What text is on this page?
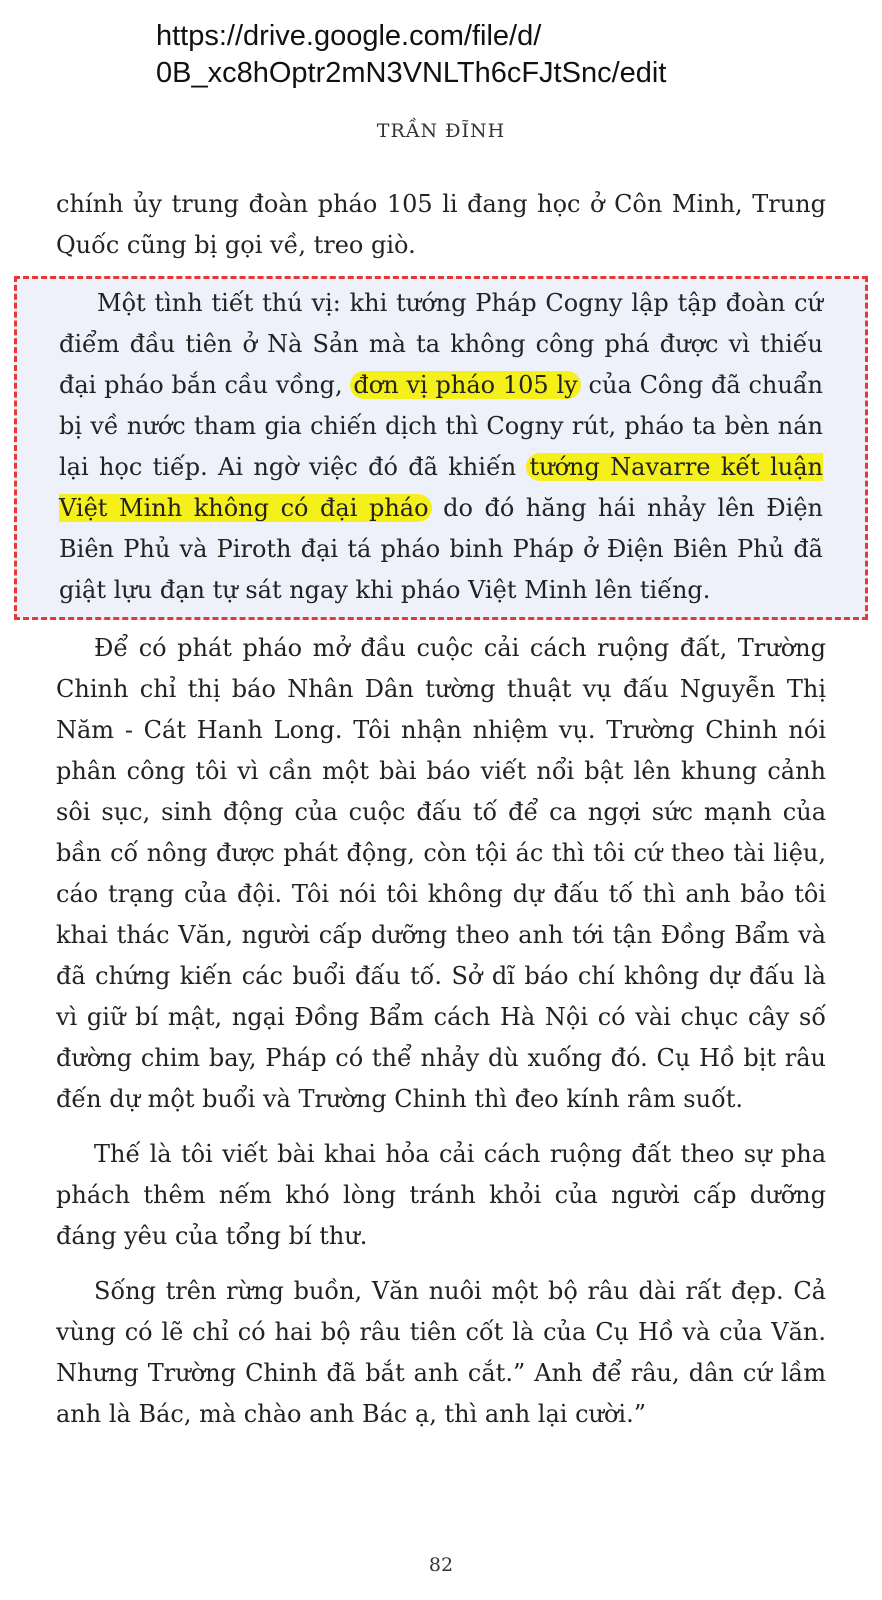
https://drive.google.com/file/d/
0B_xc8hOptr2mN3VNLTh6cFJtSnc/edit
TRẦN ĐĨNH

chính ủy trung đoàn pháo 105 li đang học ở Côn Minh, Trung Quốc cũng bị gọi về, treo giò.

Một tình tiết thú vị: khi tướng Pháp Cogny lập tập đoàn cứ điểm đầu tiên ở Nà Sản mà ta không công phá được vì thiếu đại pháo bắn cầu vồng, đơn vị pháo 105 ly của Công đã chuẩn bị về nước tham gia chiến dịch thì Cogny rút, pháo ta bèn nán lại học tiếp. Ai ngờ việc đó đã khiến tướng Navarre kết luận Việt Minh không có đại pháo do đó hăng hái nhảy lên Điện Biên Phủ và Piroth đại tá pháo binh Pháp ở Điện Biên Phủ đã giật lựu đạn tự sát ngay khi pháo Việt Minh lên tiếng.

Để có phát pháo mở đầu cuộc cải cách ruộng đất, Trường Chinh chỉ thị báo Nhân Dân tường thuật vụ đấu Nguyễn Thị Năm - Cát Hanh Long. Tôi nhận nhiệm vụ. Trường Chinh nói phân công tôi vì cần một bài báo viết nổi bật lên khung cảnh sôi sục, sinh động của cuộc đấu tố để ca ngợi sức mạnh của bần cố nông được phát động, còn tội ác thì tôi cứ theo tài liệu, cáo trạng của đội. Tôi nói tôi không dự đấu tố thì anh bảo tôi khai thác Văn, người cấp dưỡng theo anh tới tận Đồng Bẩm và đã chứng kiến các buổi đấu tố. Sở dĩ báo chí không dự đấu là vì giữ bí mật, ngại Đồng Bẩm cách Hà Nội có vài chục cây số đường chim bay, Pháp có thể nhảy dù xuống đó. Cụ Hồ bịt râu đến dự một buổi và Trường Chinh thì đeo kính râm suốt.

Thế là tôi viết bài khai hỏa cải cách ruộng đất theo sự pha phách thêm nếm khó lòng tránh khỏi của người cấp dưỡng đáng yêu của tổng bí thư.

Sống trên rừng buồn, Văn nuôi một bộ râu dài rất đẹp. Cả vùng có lẽ chỉ có hai bộ râu tiên cốt là của Cụ Hồ và của Văn. Nhưng Trường Chinh đã bắt anh cắt.” Anh để râu, dân cứ lầm anh là Bác, mà chào anh Bác ạ, thì anh lại cười.”

82
